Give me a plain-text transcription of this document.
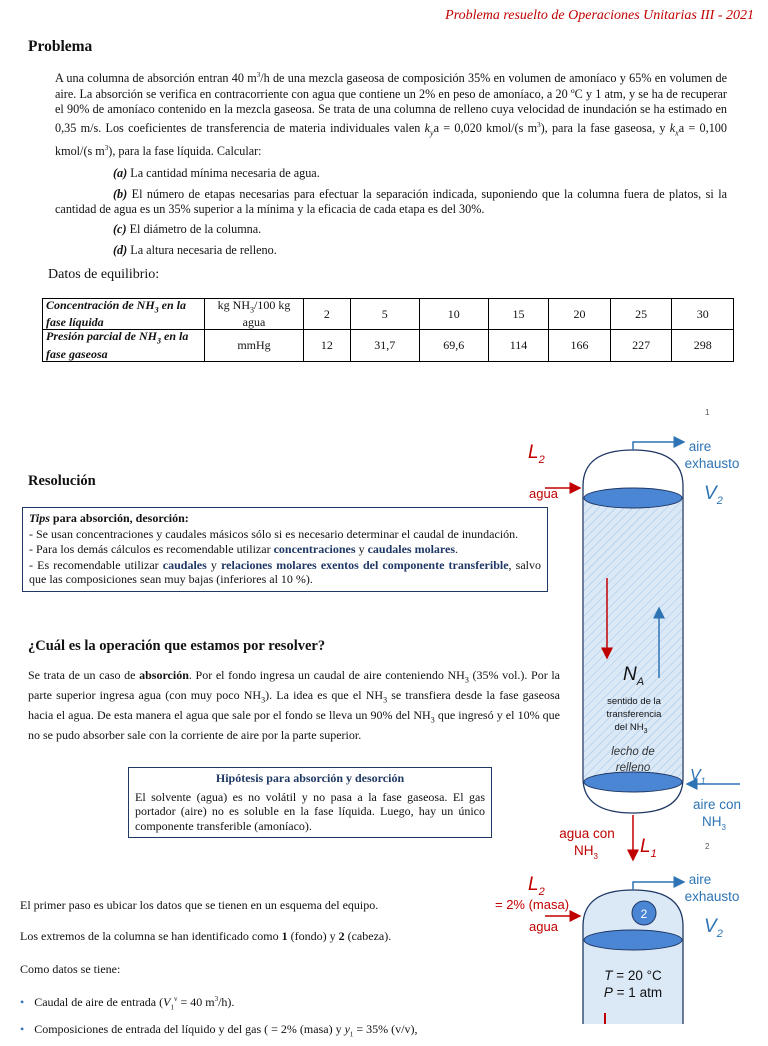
Problema resuelto de Operaciones Unitarias III - 2021
Problema
A una columna de absorción entran 40 $m^3/h$ de una mezcla gaseosa de composición 35% en volumen de amoníaco y 65% en volumen de aire. La absorción se verifica en contracorriente con agua que contiene un 2% en peso de amoníaco, a 20 ºC y 1 atm, y se ha de recuperar el 90% de amoníaco contenido en la mezcla gaseosa. Se trata de una columna de relleno cuya velocidad de inundación se ha estimado en 0,35 m/s. Los coeficientes de transferencia de materia individuales valen $k_ya = 0,020$ kmol/(s $m^3$), para la fase gaseosa, y $k_xa = 0,100$ kmol/(s $m^3$), para la fase líquida. Calcular:
(a) La cantidad mínima necesaria de agua.
(b) El número de etapas necesarias para efectuar la separación indicada, suponiendo que la columna fuera de platos, si la cantidad de agua es un 35% superior a la mínima y la eficacia de cada etapa es del 30%.
(c) El diámetro de la columna.
(d) La altura necesaria de relleno.
Datos de equilibrio:
Concentración de $NH_3$ en la fase líquida	kg $NH_3/100$ kg agua	2	5	10	15	20	25	30
Presión parcial de $NH_3$ en la fase gaseosa	mmHg	12	31,7	69,6	114	166	227	298
1
Resolución

Tips para absorción, desorción:

- Se usan concentraciones y caudales másicos sólo si es necesario determinar el caudal de inundación.

- Para los demás cálculos es recomendable utilizar concentraciones y caudales molares.

- Es recomendable utilizar caudales y relaciones molares exentos del componente transferible, salvo que las composiciones sean muy bajas (inferiores al 10 %).

¿Cuál es la operación que estamos por resolver?
Se trata de un caso de absorción. Por el fondo ingresa un caudal de aire conteniendo $NH_3$ (35% vol.). Por la parte superior ingresa agua (con muy poco $NH_3$). La idea es que el $NH_3$ se transfiera desde la fase gaseosa hacia el agua. De esta manera el agua que sale por el fondo se lleva un 90% del $NH_3$ que ingresó y el 10% que no se pudo absorber sale con la corriente de aire por la parte superior.
Hipótesis para absorción y desorción
El solvente (agua) es no volátil y no pasa a la fase gaseosa. El gas portador (aire) no es soluble en la fase líquida. Luego, hay un único componente transferible (amoníaco).
El primer paso es ubicar los datos que se tienen en un esquema del equipo.
Los extremos de la columna se han identificado como 1 (fondo) y 2 (cabeza).
Como datos se tiene:
• Caudal de aire de entrada ($V_1^v = 40$ $m^3/h$).
• Composiciones de entrada del líquido y del gas ( = 2% (masa) y $y_1 = 35\%$ (v/v),
$L_2$
agua
aire
exhausto
$V_2$
$N_A$
sentido de la
transferencia
del $NH_3$
lecho de
relleno $V_1$
aire con
$NH_3$
agua con
$NH_3$ $L_1$
2
2
$L_2$
= 2% (masa)
agua
aire
exhausto
$V_2$
T = 20 °C
P = 1 atm
